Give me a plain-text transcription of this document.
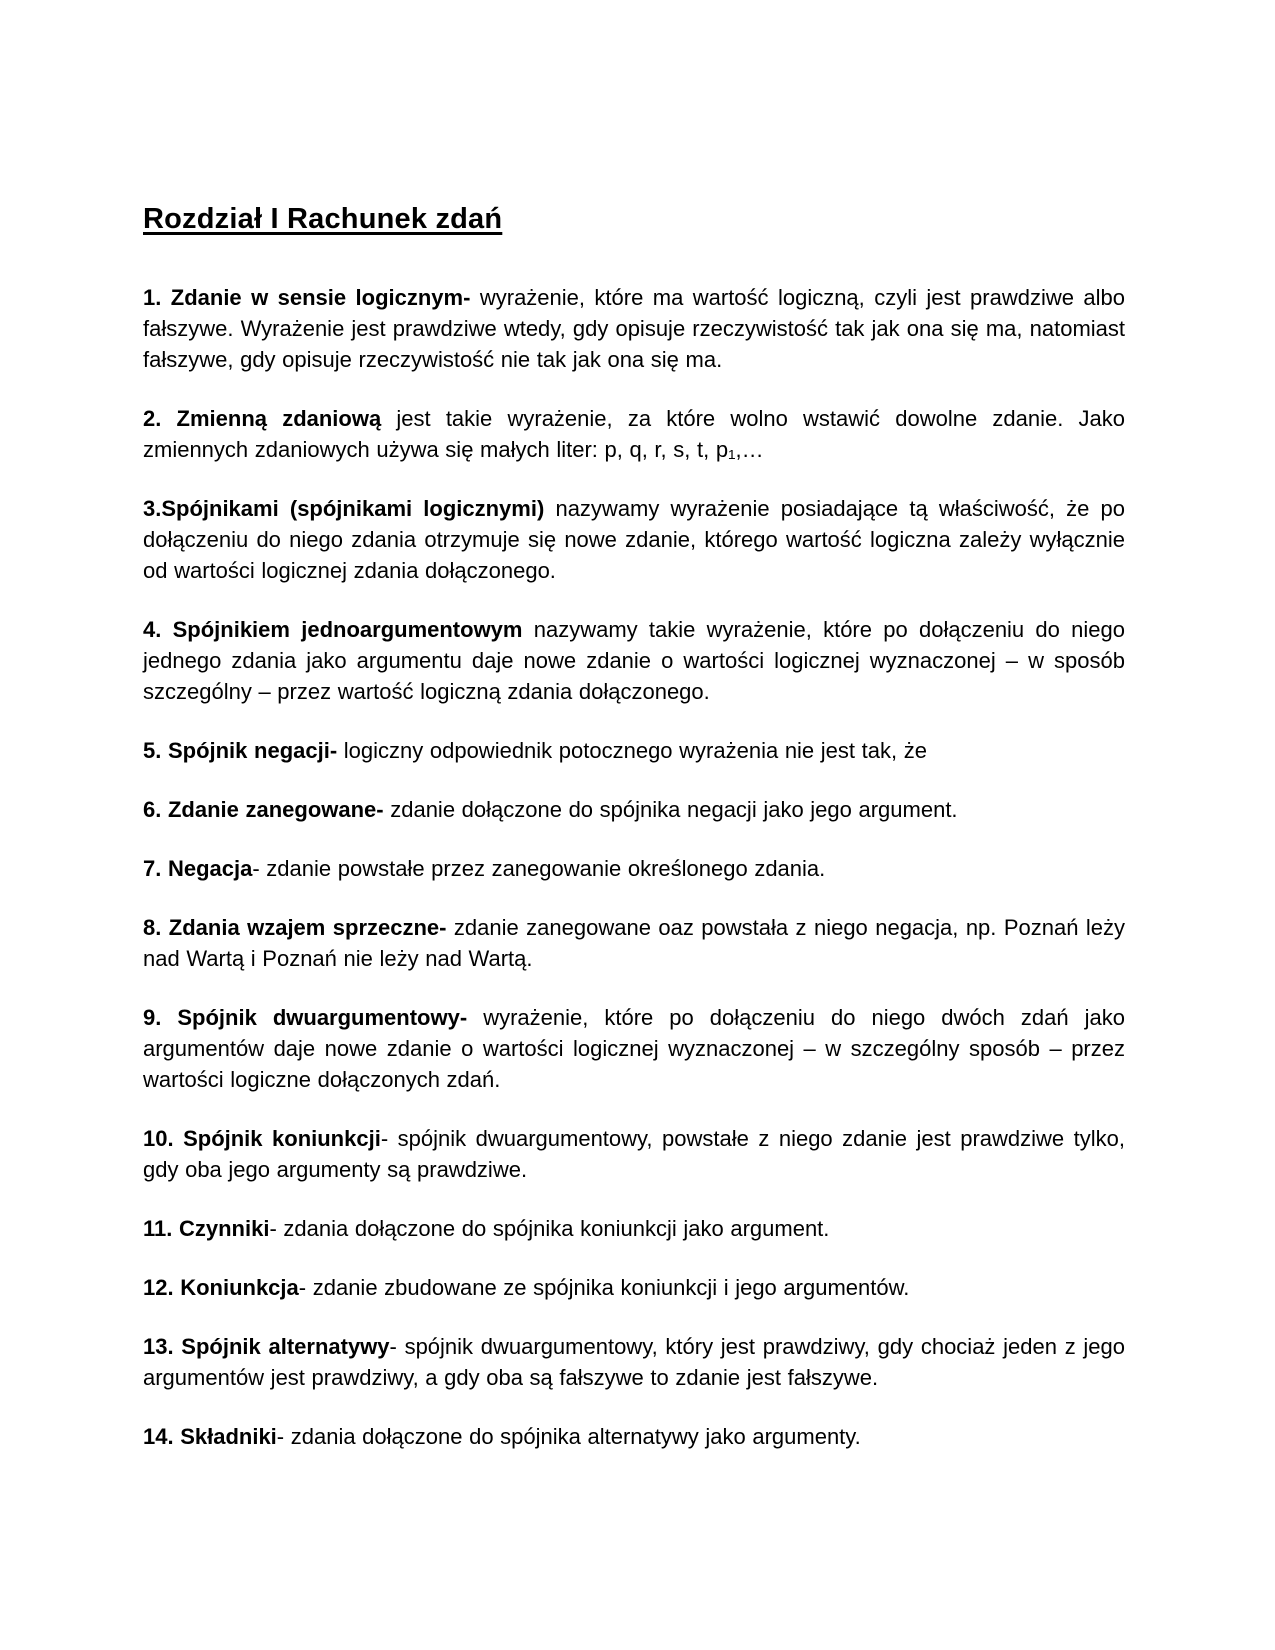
Rozdział I Rachunek zdań

1. Zdanie w sensie logicznym- wyrażenie, które ma wartość logiczną, czyli jest prawdziwe albo fałszywe. Wyrażenie jest prawdziwe wtedy, gdy opisuje rzeczywistość tak jak ona się ma, natomiast fałszywe, gdy opisuje rzeczywistość nie tak jak ona się ma.

2. Zmienną zdaniową jest takie wyrażenie, za które wolno wstawić dowolne zdanie. Jako zmiennych zdaniowych używa się małych liter: p, q, r, s, t, p₁,…

3.Spójnikami (spójnikami logicznymi) nazywamy wyrażenie posiadające tą właściwość, że po dołączeniu do niego zdania otrzymuje się nowe zdanie, którego wartość logiczna zależy wyłącznie od wartości logicznej zdania dołączonego.

4. Spójnikiem jednoargumentowym nazywamy takie wyrażenie, które po dołączeniu do niego jednego zdania jako argumentu daje nowe zdanie o wartości logicznej wyznaczonej – w sposób szczególny – przez wartość logiczną zdania dołączonego.

5. Spójnik negacji- logiczny odpowiednik potocznego wyrażenia nie jest tak, że

6. Zdanie zanegowane- zdanie dołączone do spójnika negacji jako jego argument.

7. Negacja- zdanie powstałe przez zanegowanie określonego zdania.

8. Zdania wzajem sprzeczne- zdanie zanegowane oaz powstała z niego negacja, np. Poznań leży nad Wartą i Poznań nie leży nad Wartą.

9. Spójnik dwuargumentowy- wyrażenie, które po dołączeniu do niego dwóch zdań jako argumentów daje nowe zdanie o wartości logicznej wyznaczonej – w szczególny sposób – przez wartości logiczne dołączonych zdań.

10. Spójnik koniunkcji- spójnik dwuargumentowy, powstałe z niego zdanie jest prawdziwe tylko, gdy oba jego argumenty są prawdziwe.

11. Czynniki- zdania dołączone do spójnika koniunkcji jako argument.

12. Koniunkcja- zdanie zbudowane ze spójnika koniunkcji i jego argumentów.

13. Spójnik alternatywy- spójnik dwuargumentowy, który jest prawdziwy, gdy chociaż jeden z jego argumentów jest prawdziwy, a gdy oba są fałszywe to zdanie jest fałszywe.

14. Składniki- zdania dołączone do spójnika alternatywy jako argumenty.
